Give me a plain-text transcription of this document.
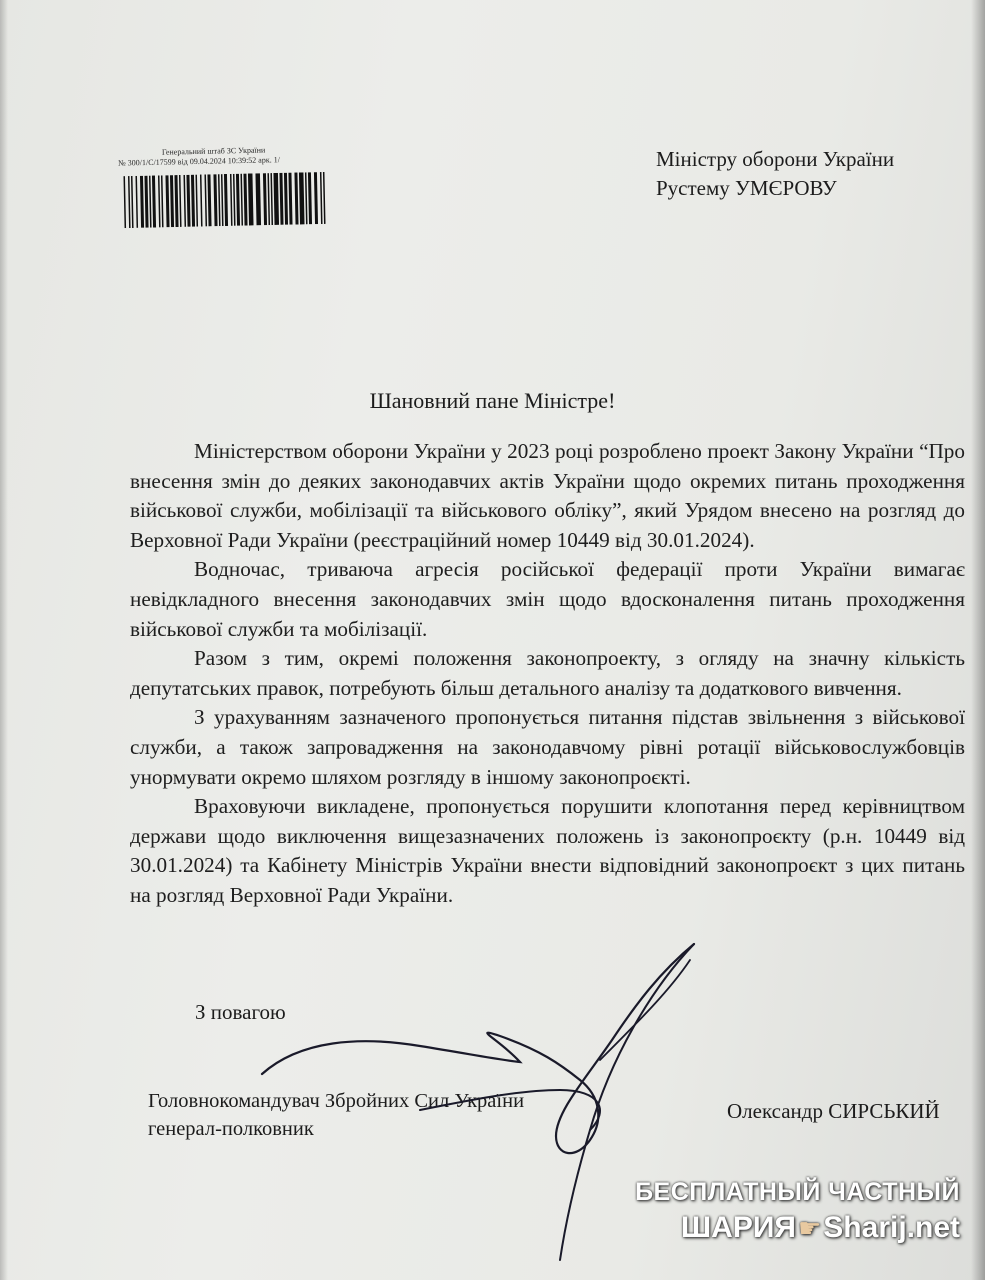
Генеральний штаб ЗС України
№ 300/1/С/17599 від 09.04.2024 10:39:52 арк. 1/	Міністру оборони України
Рустему УМЄРОВУ
Шановний пане Міністре!

Міністерством оборони України у 2023 році розроблено проект Закону України “Про внесення змін до деяких законодавчих актів України щодо окремих питань проходження військової служби, мобілізації та військового обліку”, який Урядом внесено на розгляд до Верховної Ради України (реєстраційний номер 10449 від 30.01.2024).

Водночас, триваюча агресія російської федерації проти України вимагає невідкладного внесення законодавчих змін щодо вдосконалення питань проходження військової служби та мобілізації.

Разом з тим, окремі положення законопроекту, з огляду на значну кількість депутатських правок, потребують більш детального аналізу та додаткового вивчення.

З урахуванням зазначеного пропонується питання підстав звільнення з військової служби, а також запровадження на законодавчому рівні ротації військовослужбовців унормувати окремо шляхом розгляду в іншому законопроєкті.

Враховуючи викладене, пропонується порушити клопотання перед керівництвом держави щодо виключення вищезазначених положень із законопроєкту (р.н. 10449 від 30.01.2024) та Кабінету Міністрів України внести відповідний законопроєкт з цих питань на розгляд Верховної Ради України.

З повагою
Головнокомандувач Збройних Сил України
генерал-полковник
Олександр СИРСЬКИЙ
БЕСПЛАТНЫЙ ЧАСТНЫЙ
ШАРИЯ☛Sharij.net
